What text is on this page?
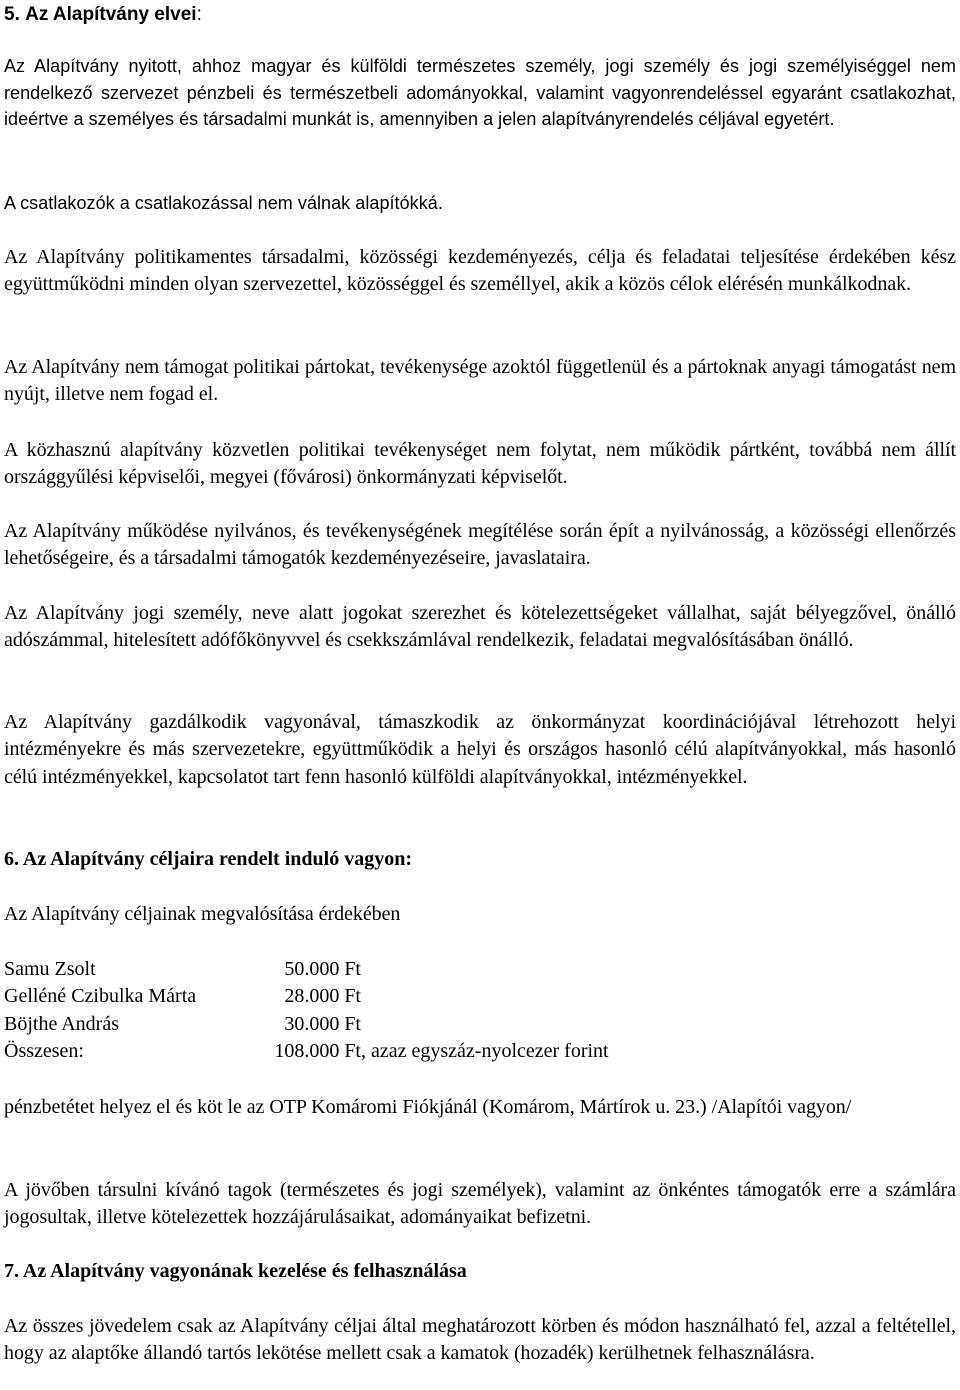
5. Az Alapítvány elvei:

Az Alapítvány nyitott, ahhoz magyar és külföldi természetes személy, jogi személy és jogi személyiséggel nem rendelkező szervezet pénzbeli és természetbeli adományokkal, valamint vagyonrendeléssel egyaránt csatlakozhat, ideértve a személyes és társadalmi munkát is, amennyiben a jelen alapítványrendelés céljával egyetért.

A csatlakozók a csatlakozással nem válnak alapítókká.

Az Alapítvány politikamentes társadalmi, közösségi kezdeményezés, célja és feladatai teljesítése érdekében kész együttműködni minden olyan szervezettel, közösséggel és személlyel, akik a közös célok elérésén munkálkodnak.

Az Alapítvány nem támogat politikai pártokat, tevékenysége azoktól függetlenül és a pártoknak anyagi támogatást nem nyújt, illetve nem fogad el.

A közhasznú alapítvány közvetlen politikai tevékenységet nem folytat, nem működik pártként, továbbá nem állít országgyűlési képviselői, megyei (fővárosi) önkormányzati képviselőt.

Az Alapítvány működése nyilvános, és tevékenységének megítélése során épít a nyilvánosság, a közösségi ellenőrzés lehetőségeire, és a társadalmi támogatók kezdeményezéseire, javaslataira.

Az Alapítvány jogi személy, neve alatt jogokat szerezhet és kötelezettségeket vállalhat, saját bélyegzővel, önálló adószámmal, hitelesített adófőkönyvvel és csekkszámlával rendelkezik, feladatai megvalósításában önálló.

Az Alapítvány gazdálkodik vagyonával, támaszkodik az önkormányzat koordinációjával létrehozott helyi intézményekre és más szervezetekre, együttműködik a helyi és országos hasonló célú alapítványokkal, más hasonló célú intézményekkel, kapcsolatot tart fenn hasonló külföldi alapítványokkal, intézményekkel.

6. Az Alapítvány céljaira rendelt induló vagyon:

Az Alapítvány céljainak megvalósítása érdekében

Samu Zsolt	50.000 Ft
Gelléné Czibulka Márta	28.000 Ft
Böjthe András	30.000 Ft
Összesen:	108.000 Ft, azaz egyszáz-nyolcezer forint

pénzbetétet helyez el és köt le az OTP Komáromi Fiókjánál (Komárom, Mártírok u. 23.) /Alapítói vagyon/

A jövőben társulni kívánó tagok (természetes és jogi személyek), valamint az önkéntes támogatók erre a számlára jogosultak, illetve kötelezettek hozzájárulásaikat, adományaikat befizetni.

7. Az Alapítvány vagyonának kezelése és felhasználása

Az összes jövedelem csak az Alapítvány céljai által meghatározott körben és módon használható fel, azzal a feltétellel, hogy az alaptőke állandó tartós lekötése mellett csak a kamatok (hozadék) kerülhetnek felhasználásra.
